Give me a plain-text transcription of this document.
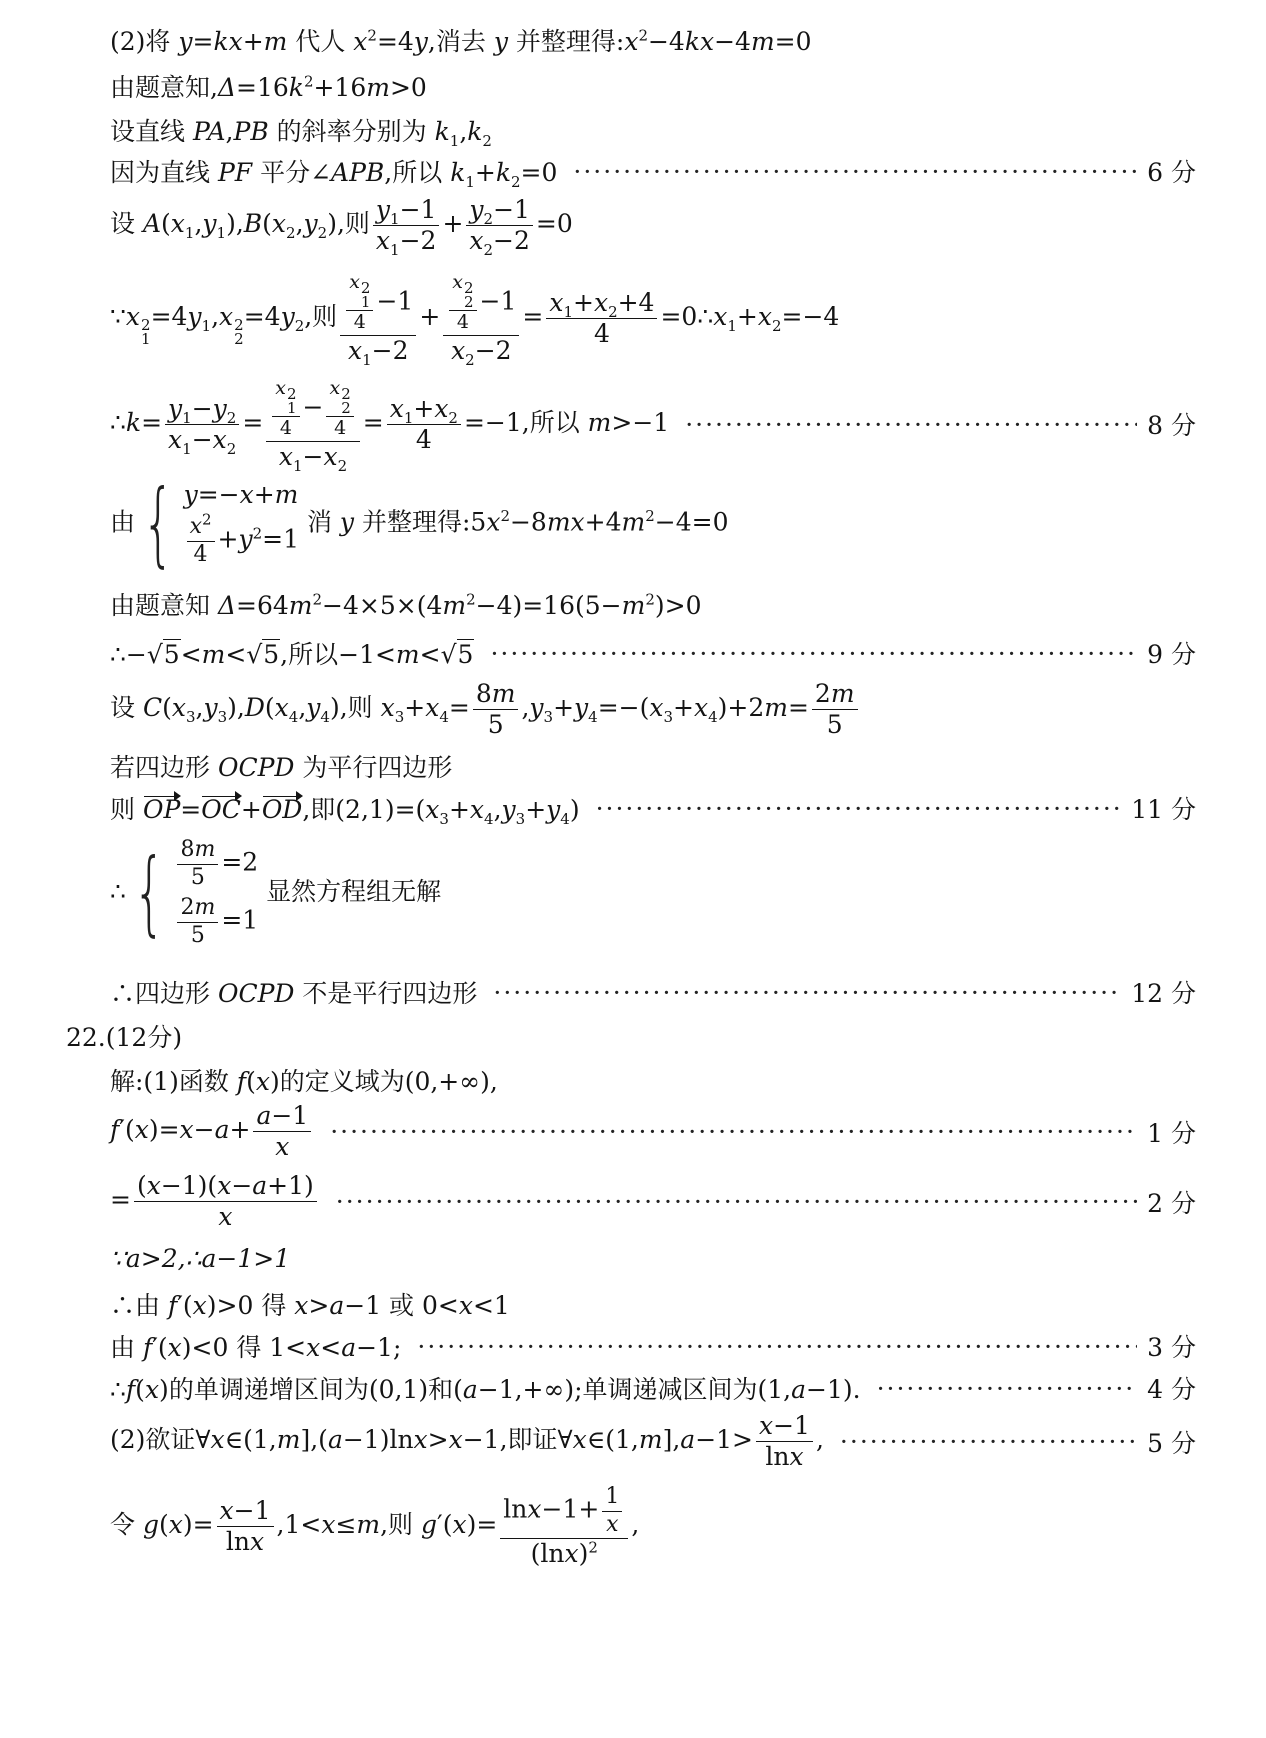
(2)将 y=kx+m 代人 $x^2=4y$,消去 y 并整理得$:x^2-4kx-4m=0$
由题意知$,\Delta=16k^2+16m>0$
设直线 PA,PB 的斜率分别为 $k_1,k_2$
因为直线 PF 平分∠APB,所以 $k_1+k_2=0$ ·····	6 分
设 $A(x_1,y_1),B(x_2,y_2)$,则 $\frac{y_1-1}{x_1-2} + \frac{y_2-1}{x_2-2} =0$
∵x 2
1
$=4y_1,x$ 2
2
$=4y_2$,则 x 2
1
4 −1
$x_1-2 + x$ 2
2
4 −1
$x_2-2 = \frac{x_1+x_2+4}{4}$ $=0\therefore x_1+x_2=-4$
∴k= $\frac{y_1-y_2}{x_1-x_2} = x$ 2
1
4 − x 2
2
4
$x_1-x_2 = \frac{x_1+x_2}{4} =-1$,所以 m>−1 ·····	8 分
由 { y=−x+m
$\frac{x^2}{4} +y^2=1$
消 y 并整理得$:5x^2-8mx+4m^2-4=0$
由题意知 $\Delta=64m^2-4\times 5\times(4m^2-4)=16(5-m^2)>0$
∴−√5<m<√5,所以−1<m<√5 ·····	9 分
设 $C(x_3,y_3),D(x_4,y_4)$,则 $x_3+x_4= \frac{8m}{5} ,y_3+y_4=-(x_3+x_4)+2m= \frac{2m}{5}$
若四边形 OCPD 为平行四边形
则 OP=OC+OD,即$(2,1)=(x_3+x_4,y_3+y_4)$ ·····	11 分
∴ { $\frac{8m}{5} =2$
$\frac{2m}{5} =1$
显然方程组无解
∴四边形 OCPD 不是平行四边形 ·····	12 分
22.(12分)
解:(1)函数 f(x)的定义域为(0,+∞),
$f'(x)=x-a+ \frac{a-1}{x}$ ·····	1 分
= $\frac{(x-1)(x-a+1)}{x}$ ·····	2 分
∵a>2,∴a−1>1
∴由 f′(x)>0 得 x>a−1 或 0<x<1
由 f′(x)<0 得 1<x<a−1; ·····	3 分
∴f(x)的单调递增区间为(0,1)和(a−1,+∞);单调递减区间为(1,a−1). ·····	4 分
(2)欲证∀x∈(1,m],(a−1)lnx>x−1,即证∀x∈(1,m],a−1> $\frac{x-1}{\ln x}$ , ·····	5 分
令 $g(x)= \frac{x-1}{\ln x} ,1<x\le m$,则 $g'(x)= \frac{\ln x-1+ \frac{1}{x}}{(\ln x)^2}$ ,
